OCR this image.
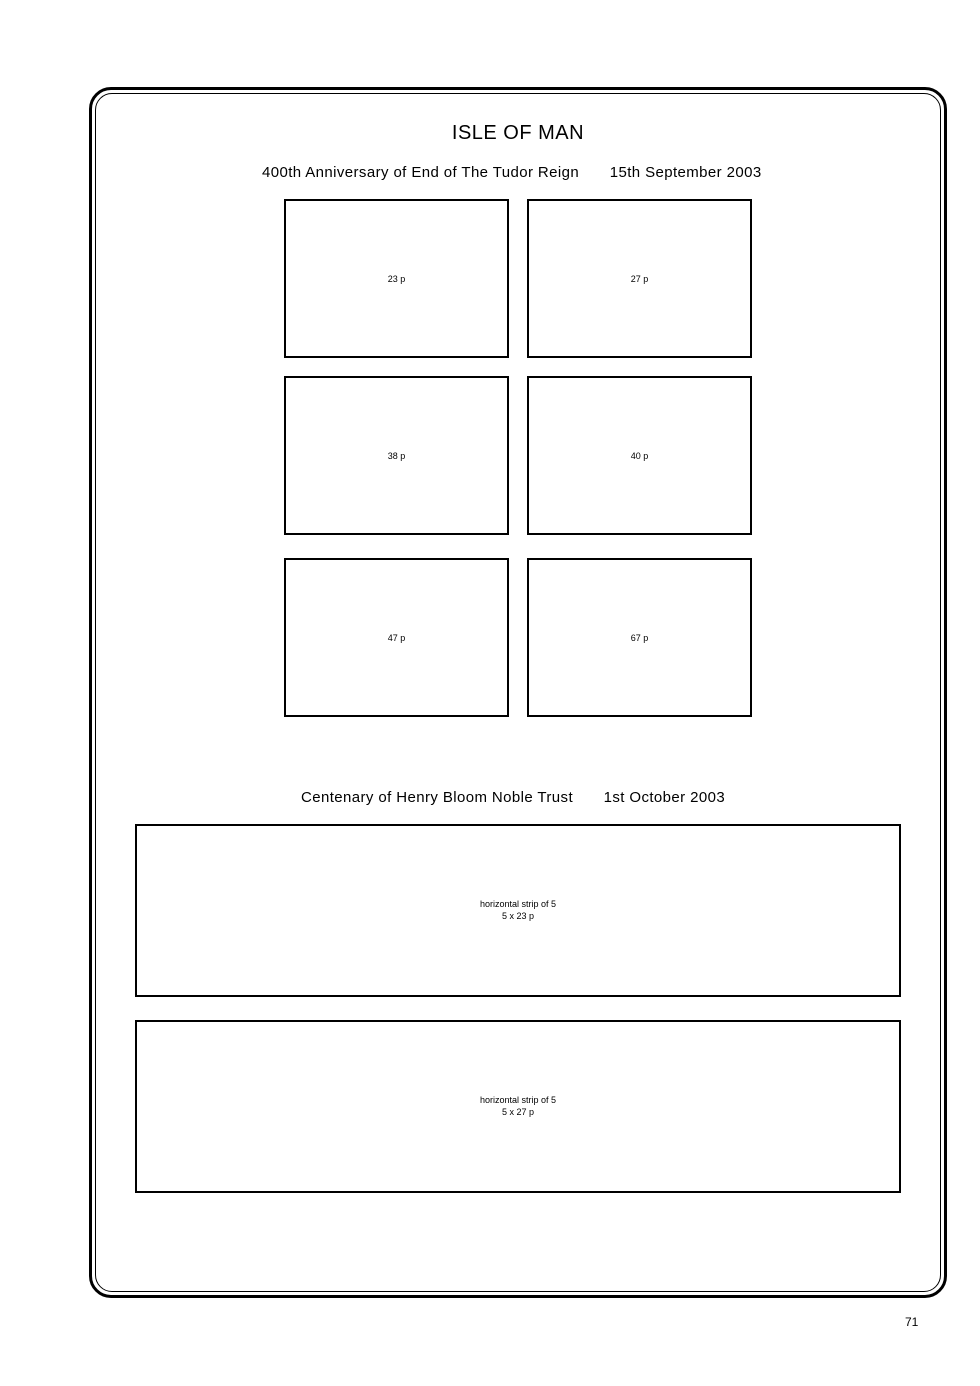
ISLE OF MAN
400th Anniversary of End of The Tudor Reign 15th September 2003
23 p	27 p
38 p	40 p
47 p	67 p
Centenary of Henry Bloom Noble Trust 1st October 2003
horizontal strip of 5
5 x 23 p
horizontal strip of 5
5 x 27 p
71
